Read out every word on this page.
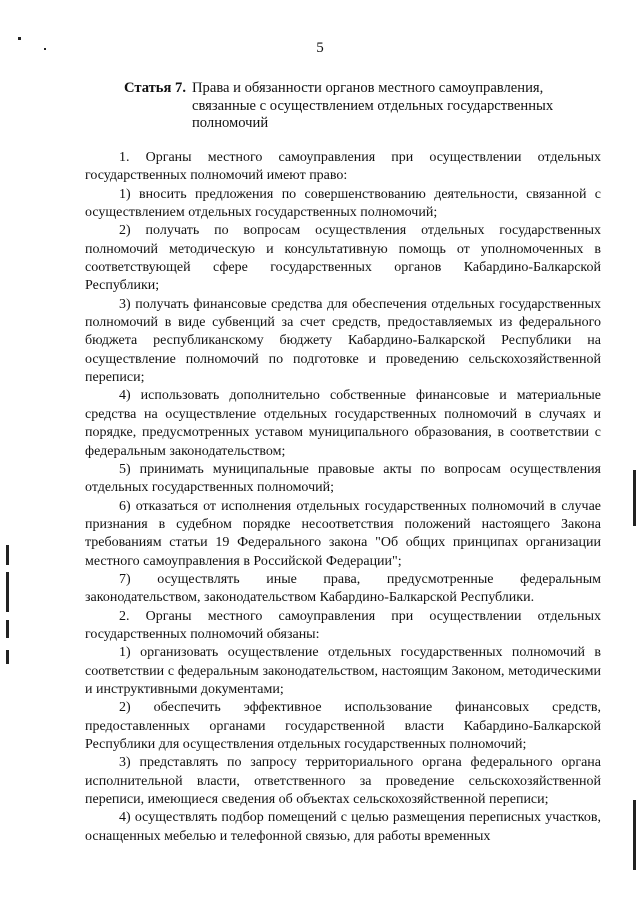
5
Статья 7. Права и обязанности органов местного самоуправления, связанные с осуществлением отдельных государственных полномочий

1. Органы местного самоуправления при осуществлении отдельных государственных полномочий имеют право:

1) вносить предложения по совершенствованию деятельности, связанной с осуществлением отдельных государственных полномочий;

2) получать по вопросам осуществления отдельных государственных полномочий методическую и консультативную помощь от уполномоченных в соответствующей сфере государственных органов Кабардино-Балкарской Республики;

3) получать финансовые средства для обеспечения отдельных государственных полномочий в виде субвенций за счет средств, предоставляемых из федерального бюджета республиканскому бюджету Кабардино-Балкарской Республики на осуществление полномочий по подготовке и проведению сельскохозяйственной переписи;

4) использовать дополнительно собственные финансовые и материальные средства на осуществление отдельных государственных полномочий в случаях и порядке, предусмотренных уставом муниципального образования, в соответствии с федеральным законодательством;

5) принимать муниципальные правовые акты по вопросам осуществления отдельных государственных полномочий;

6) отказаться от исполнения отдельных государственных полномочий в случае признания в судебном порядке несоответствия положений настоящего Закона требованиям статьи 19 Федерального закона "Об общих принципах организации местного самоуправления в Российской Федерации";

7) осуществлять иные права, предусмотренные федеральным законодательством, законодательством Кабардино-Балкарской Республики.

2. Органы местного самоуправления при осуществлении отдельных государственных полномочий обязаны:

1) организовать осуществление отдельных государственных полномочий в соответствии с федеральным законодательством, настоящим Законом, методическими и инструктивными документами;

2) обеспечить эффективное использование финансовых средств, предоставленных органами государственной власти Кабардино-Балкарской Республики для осуществления отдельных государственных полномочий;

3) представлять по запросу территориального органа федерального органа исполнительной власти, ответственного за проведение сельскохозяйственной переписи, имеющиеся сведения об объектах сельскохозяйственной переписи;

4) осуществлять подбор помещений с целью размещения переписных участков, оснащенных мебелью и телефонной связью, для работы временных
